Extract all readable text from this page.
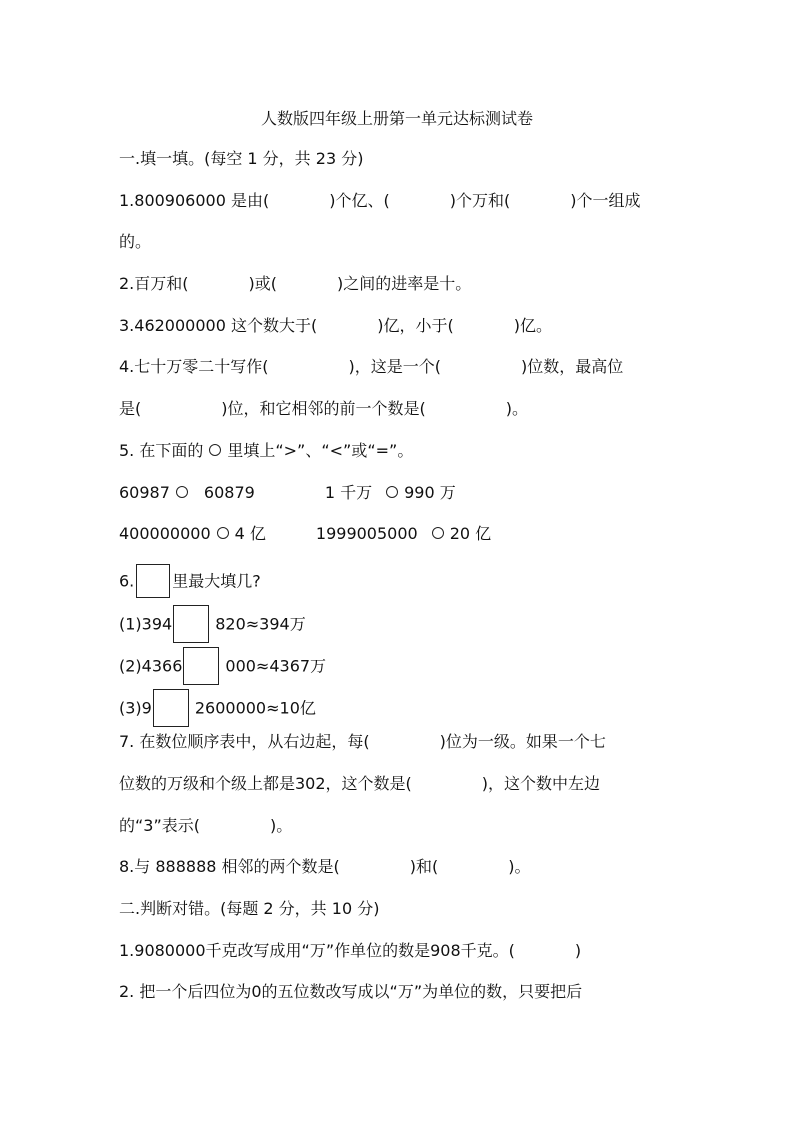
人数版四年级上册第一单元达标测试卷
一.填一填。(每空 1 分，共 23 分)
1.800906000 是由(	)个亿、(	)个万和(	)个一组成
的。
2.百万和(	)或(	)之间的进率是十。
3.462000000 这个数大于(	)亿，小于(	)亿。
4.七十万零二十写作(	)，这是一个(	)位数，最高位
是(	)位，和它相邻的前一个数是(	)。
5. 在下面的 里填上“>”、“<”或“=”。
60987 60879	1 千万 990 万
400000000 4 亿	1999005000 20 亿
6. 里最大填几?
(1)394	820≈394万
(2)4366	000≈4367万
(3)9	2600000≈10亿
7. 在数位顺序表中，从右边起，每(	)位为一级。如果一个七
位数的万级和个级上都是302，这个数是(	)，这个数中左边
的“3”表示(	)。
8.与 888888 相邻的两个数是(	)和(	)。
二.判断对错。(每题 2 分，共 10 分)
1.9080000千克改写成用“万”作单位的数是908千克。(	)
2. 把一个后四位为0的五位数改写成以“万”为单位的数，只要把后
